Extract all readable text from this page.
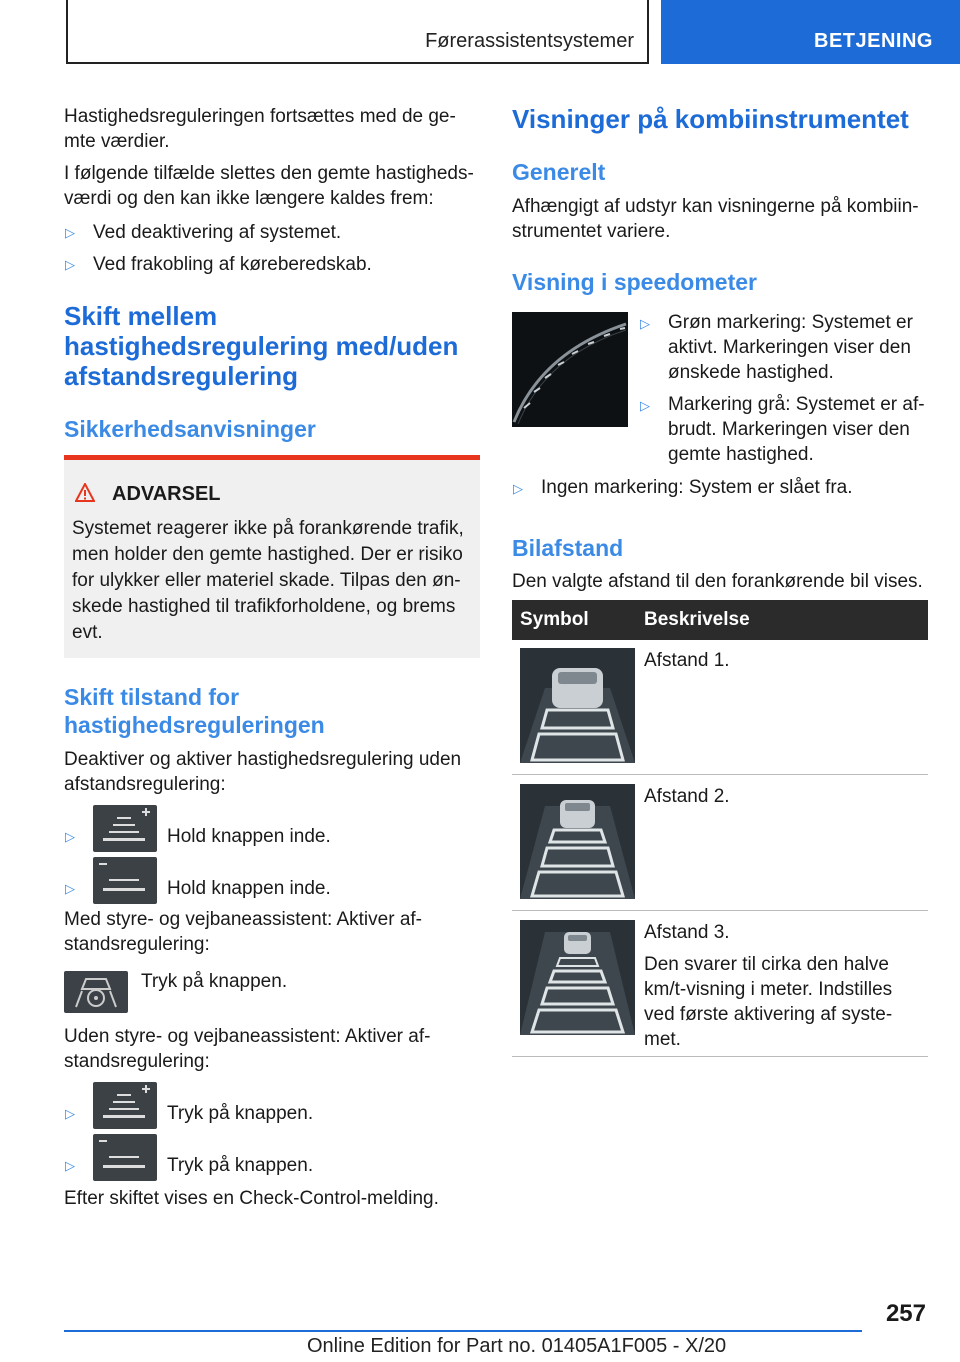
Førerassistentsystemer	BETJENING
Hastighedsreguleringen fortsættes med de ge-
mte værdier.
I følgende tilfælde slettes den gemte hastigheds-
værdi og den kan ikke længere kaldes frem:
▷ Ved deaktivering af systemet.
▷ Ved frakobling af køreberedskab.
Skift mellem
hastighedsregulering med/uden
afstandsregulering
Sikkerhedsanvisninger
ADVARSEL
Systemet reagerer ikke på forankørende trafik,
men holder den gemte hastighed. Der er risiko
for ulykker eller materiel skade. Tilpas den øn-
skede hastighed til trafikforholdene, og brems
evt.
Skift tilstand for
hastighedsreguleringen
Deaktiver og aktiver hastighedsregulering uden
afstandsregulering:
▷	Hold knappen inde.
▷	Hold knappen inde.
Med styre- og vejbaneassistent: Aktiver af-
standsregulering:
Tryk på knappen.
Uden styre- og vejbaneassistent: Aktiver af-
standsregulering:
▷	Tryk på knappen.
▷	Tryk på knappen.
Efter skiftet vises en Check-Control-melding.
Visninger på kombiinstrumentet
Generelt
Afhængigt af udstyr kan visningerne på kombiin-
strumentet variere.
Visning i speedometer
▷ Grøn markering: Systemet er
aktivt. Markeringen viser den
ønskede hastighed.
▷ Markering grå: Systemet er af-
brudt. Markeringen viser den
gemte hastighed.
▷ Ingen markering: System er slået fra.
Bilafstand
Den valgte afstand til den forankørende bil vises.
Symbol	Beskrivelse
Afstand 1.
Afstand 2.
Afstand 3.
Den svarer til cirka den halve
km/t-visning i meter. Indstilles
ved første aktivering af syste-
met.
257
Online Edition for Part no. 01405A1F005 - X/20
